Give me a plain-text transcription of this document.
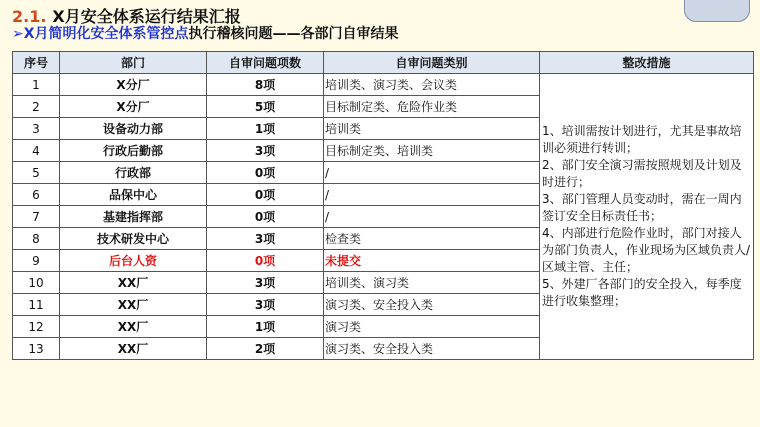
2.1. X月安全体系运行结果汇报
➢X月简明化安全体系管控点执行稽核问题——各部门自审结果
序号	部门	自审问题项数	自审问题类别	整改措施
1	X分厂	8项	培训类、演习类、会议类	1、培训需按计划进行，尤其是事故培训必须进行转训；
2、部门安全演习需按照规划及计划及时进行；
3、部门管理人员变动时，需在一周内签订安全目标责任书；
4、内部进行危险作业时，部门对接人为部门负责人，作业现场为区域负责人/区域主管、主任；
5、外建厂各部门的安全投入，每季度进行收集整理；
2	X分厂	5项	目标制定类、危险作业类	
3	设备动力部	1项	培训类	
4	行政后勤部	3项	目标制定类、培训类	
5	行政部	0项	/	
6	品保中心	0项	/	
7	基建指挥部	0项	/	
8	技术研发中心	3项	检查类	
9	后台人资	0项	未提交	
10	XX厂	3项	培训类、演习类	
11	XX厂	3项	演习类、安全投入类	
12	XX厂	1项	演习类	
13	XX厂	2项	演习类、安全投入类	
